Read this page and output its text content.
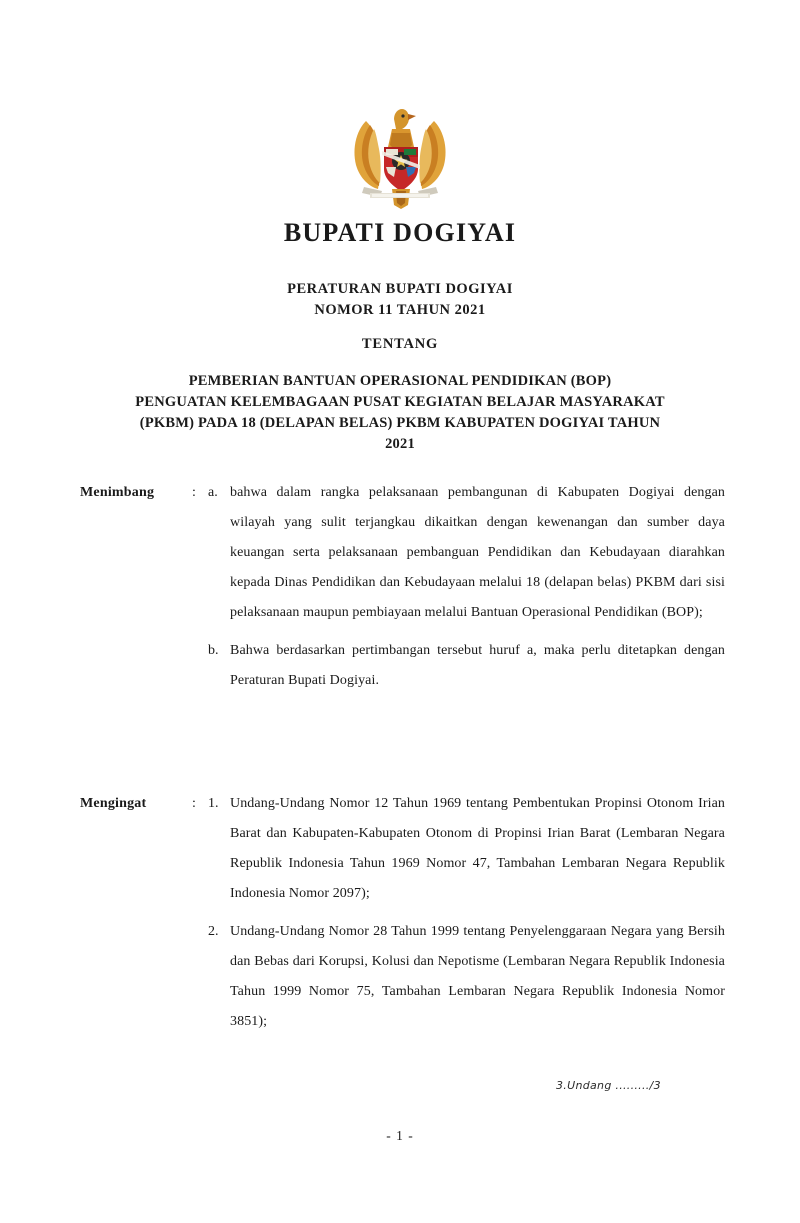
BUPATI DOGIYAI
PERATURAN BUPATI DOGIYAI
NOMOR 11 TAHUN 2021
TENTANG
PEMBERIAN BANTUAN OPERASIONAL PENDIDIKAN (BOP)
PENGUATAN KELEMBAGAAN PUSAT KEGIATAN BELAJAR MASYARAKAT
(PKBM) PADA 18 (DELAPAN BELAS) PKBM KABUPATEN DOGIYAI TAHUN
2021
Menimbang	: a. bahwa dalam rangka pelaksanaan pembangunan di Kabupaten Dogiyai dengan wilayah yang sulit terjangkau dikaitkan dengan kewenangan dan sumber daya keuangan serta pelaksanaan pembanguan Pendidikan dan Kebudayaan diarahkan kepada Dinas Pendidikan dan Kebudayaan melalui 18 (delapan belas) PKBM dari sisi pelaksanaan maupun pembiayaan melalui Bantuan Operasional Pendidikan (BOP);
b. Bahwa berdasarkan pertimbangan tersebut huruf a, maka perlu ditetapkan dengan Peraturan Bupati Dogiyai.
Mengingat	: 1. Undang-Undang Nomor 12 Tahun 1969 tentang Pembentukan Propinsi Otonom Irian Barat dan Kabupaten-Kabupaten Otonom di Propinsi Irian Barat (Lembaran Negara Republik Indonesia Tahun 1969 Nomor 47, Tambahan Lembaran Negara Republik Indonesia Nomor 2097);
2. Undang-Undang Nomor 28 Tahun 1999 tentang Penyelenggaraan Negara yang Bersih dan Bebas dari Korupsi, Kolusi dan Nepotisme (Lembaran Negara Republik Indonesia Tahun 1999 Nomor 75, Tambahan Lembaran Negara Republik Indonesia Nomor 3851);
3.Undang ........./3
- 1 -
